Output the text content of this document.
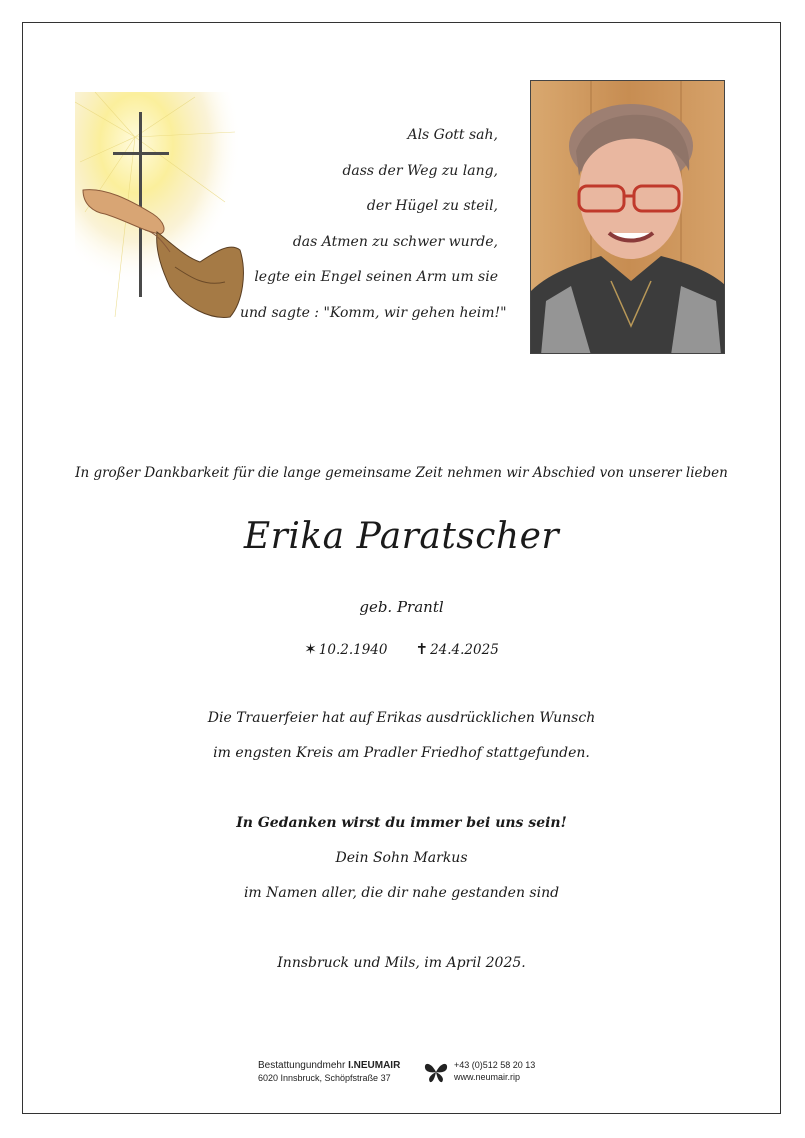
Als Gott sah,
dass der Weg zu lang,
der Hügel zu steil,
das Atmen zu schwer wurde,
legte ein Engel seinen Arm um sie
und sagte : "Komm, wir gehen heim!"
In großer Dankbarkeit für die lange gemeinsame Zeit nehmen wir Abschied von unserer lieben
Erika Paratscher
geb. Prantl
✶ 10.2.1940 ✝ 24.4.2025
Die Trauerfeier hat auf Erikas ausdrücklichen Wunsch
im engsten Kreis am Pradler Friedhof stattgefunden.
In Gedanken wirst du immer bei uns sein!
Dein Sohn Markus
im Namen aller, die dir nahe gestanden sind
Innsbruck und Mils, im April 2025.
Bestattungundmehr I.NEUMAIR
6020 Innsbruck, Schöpfstraße 37
+43 (0)512 58 20 13
www.neumair.rip
